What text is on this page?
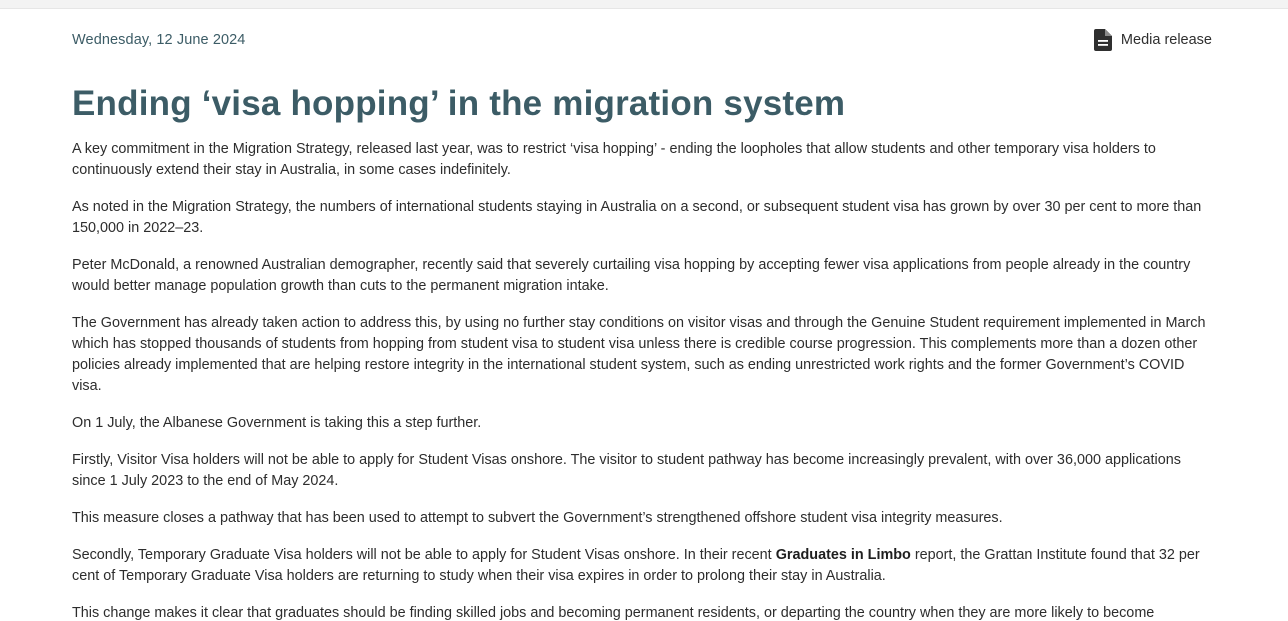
Wednesday, 12 June 2024	Media release
Ending ‘visa hopping’ in the migration system

A key commitment in the Migration Strategy, released last year, was to restrict ‘visa hopping’ - ending the loopholes that allow students and other temporary visa holders to continuously extend their stay in Australia, in some cases indefinitely.

As noted in the Migration Strategy, the numbers of international students staying in Australia on a second, or subsequent student visa has grown by over 30 per cent to more than 150,000 in 2022–23.

Peter McDonald, a renowned Australian demographer, recently said that severely curtailing visa hopping by accepting fewer visa applications from people already in the country would better manage population growth than cuts to the permanent migration intake.

The Government has already taken action to address this, by using no further stay conditions on visitor visas and through the Genuine Student requirement implemented in March which has stopped thousands of students from hopping from student visa to student visa unless there is credible course progression. This complements more than a dozen other policies already implemented that are helping restore integrity in the international student system, such as ending unrestricted work rights and the former Government’s COVID visa.

On 1 July, the Albanese Government is taking this a step further.

Firstly, Visitor Visa holders will not be able to apply for Student Visas onshore. The visitor to student pathway has become increasingly prevalent, with over 36,000 applications since 1 July 2023 to the end of May 2024.

This measure closes a pathway that has been used to attempt to subvert the Government’s strengthened offshore student visa integrity measures.

Secondly, Temporary Graduate Visa holders will not be able to apply for Student Visas onshore. In their recent Graduates in Limbo report, the Grattan Institute found that 32 per cent of Temporary Graduate Visa holders are returning to study when their visa expires in order to prolong their stay in Australia.

This change makes it clear that graduates should be finding skilled jobs and becoming permanent residents, or departing the country when they are more likely to become
